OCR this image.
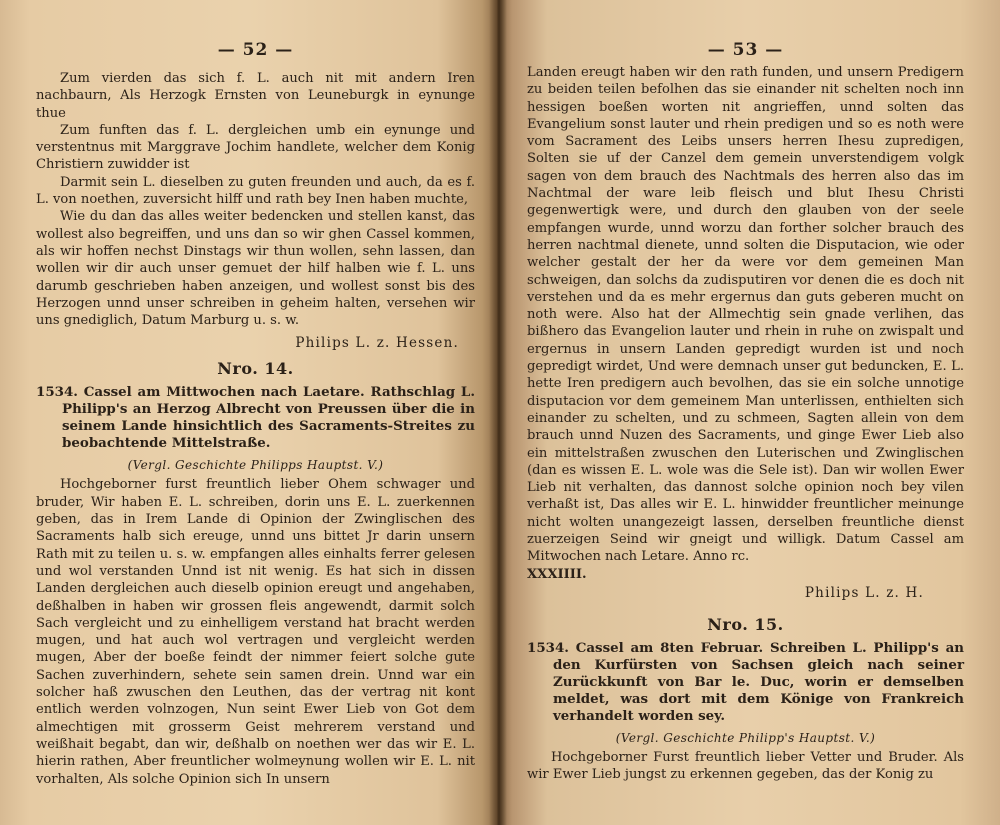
— 52 —

Zum vierden das sich f. L. auch nit mit andern Iren nachbaurn, Als Herzogk Ernsten von Leuneburgk in eynunge thue

Zum funften das f. L. dergleichen umb ein eynunge und verstentnus mit Marggrave Jochim handlete, welcher dem Konig Christiern zuwidder ist

Darmit sein L. dieselben zu guten freunden und auch, da es f. L. von noethen, zuversicht hilff und rath bey Inen haben muchte,

Wie du dan das alles weiter bedencken und stellen kanst, das wollest also begreiffen, und uns dan so wir ghen Cassel kommen, als wir hoffen nechst Dinstags wir thun wollen, sehn lassen, dan wollen wir dir auch unser gemuet der hilf halben wie f. L. uns darumb geschrieben haben anzeigen, und wollest sonst bis des Herzogen unnd unser schreiben in geheim halten, versehen wir uns gnediglich, Datum Marburg u. s. w.

Philips L. z. Hessen.
Nro. 14.

1534. Cassel am Mittwochen nach Laetare. Rathschlag L. Philipp's an Herzog Albrecht von Preussen über die in seinem Lande hinsichtlich des Sacraments-Streites zu beobachtende Mittelstraße.

(Vergl. Geschichte Philipps Hauptst. V.)

Hochgeborner furst freuntlich lieber Ohem schwager und bruder, Wir haben E. L. schreiben, dorin uns E. L. zuerkennen geben, das in Irem Lande di Opinion der Zwinglischen des Sacraments halb sich ereuge, unnd uns bittet Jr darin unsern Rath mit zu teilen u. s. w. empfangen alles einhalts ferrer gelesen und wol verstanden Unnd ist nit wenig. Es hat sich in dissen Landen dergleichen auch dieselb opinion ereugt und angehaben, deßhalben in haben wir grossen fleis angewendt, darmit solch Sach vergleicht und zu einhelligem verstand hat bracht werden mugen, und hat auch wol vertragen und vergleicht werden mugen, Aber der boeße feindt der nimmer feiert solche gute Sachen zuverhindern, sehete sein samen drein. Unnd war ein solcher haß zwuschen den Leuthen, das der vertrag nit kont entlich werden volnzogen, Nun seint Ewer Lieb von Got dem almechtigen mit grosserm Geist mehrerem verstand und weißhait begabt, dan wir, deßhalb on noethen wer das wir E. L. hierin rathen, Aber freuntlicher wolmeynung wollen wir E. L. nit vorhalten, Als solche Opinion sich In unsern

— 53 —

Landen ereugt haben wir den rath funden, und unsern Predigern zu beiden teilen befolhen das sie einander nit schelten noch inn hessigen boeßen worten nit angrieffen, unnd solten das Evangelium sonst lauter und rhein predigen und so es noth were vom Sacrament des Leibs unsers herren Ihesu zupredigen, Solten sie uf der Canzel dem gemein unverstendigem volgk sagen von dem brauch des Nachtmals des herren also das im Nachtmal der ware leib fleisch und blut Ihesu Christi gegenwertigk were, und durch den glauben von der seele empfangen wurde, unnd worzu dan forther solcher brauch des herren nachtmal dienete, unnd solten die Disputacion, wie oder welcher gestalt der her da were vor dem gemeinen Man schweigen, dan solchs da zudisputiren vor denen die es doch nit verstehen und da es mehr ergernus dan guts geberen mucht on noth were. Also hat der Allmechtig sein gnade verlihen, das bißhero das Evangelion lauter und rhein in ruhe on zwispalt und ergernus in unsern Landen gepredigt wurden ist und noch gepredigt wirdet, Und were demnach unser gut beduncken, E. L. hette Iren predigern auch bevolhen, das sie ein solche unnotige disputacion vor dem gemeinem Man unterlissen, enthielten sich einander zu schelten, und zu schmeen, Sagten allein von dem brauch unnd Nuzen des Sacraments, und ginge Ewer Lieb also ein mittelstraßen zwuschen den Luterischen und Zwinglischen (dan es wissen E. L. wole was die Sele ist). Dan wir wollen Ewer Lieb nit verhalten, das dannost solche opinion noch bey vilen verhaßt ist, Das alles wir E. L. hinwidder freuntlicher meinunge nicht wolten unangezeigt lassen, derselben freuntliche dienst zuerzeigen Seind wir gneigt und willigk. Datum Cassel am Mitwochen nach Letare. Anno rc.

XXXIIII.
Philips L. z. H.
Nro. 15.

1534. Cassel am 8ten Februar. Schreiben L. Philipp's an den Kurfürsten von Sachsen gleich nach seiner Zurückkunft von Bar le. Duc, worin er demselben meldet, was dort mit dem Könige von Frankreich verhandelt worden sey.

(Vergl. Geschichte Philipp's Hauptst. V.)

Hochgeborner Furst freuntlich lieber Vetter und Bruder. Als wir Ewer Lieb jungst zu erkennen gegeben, das der Konig zu
